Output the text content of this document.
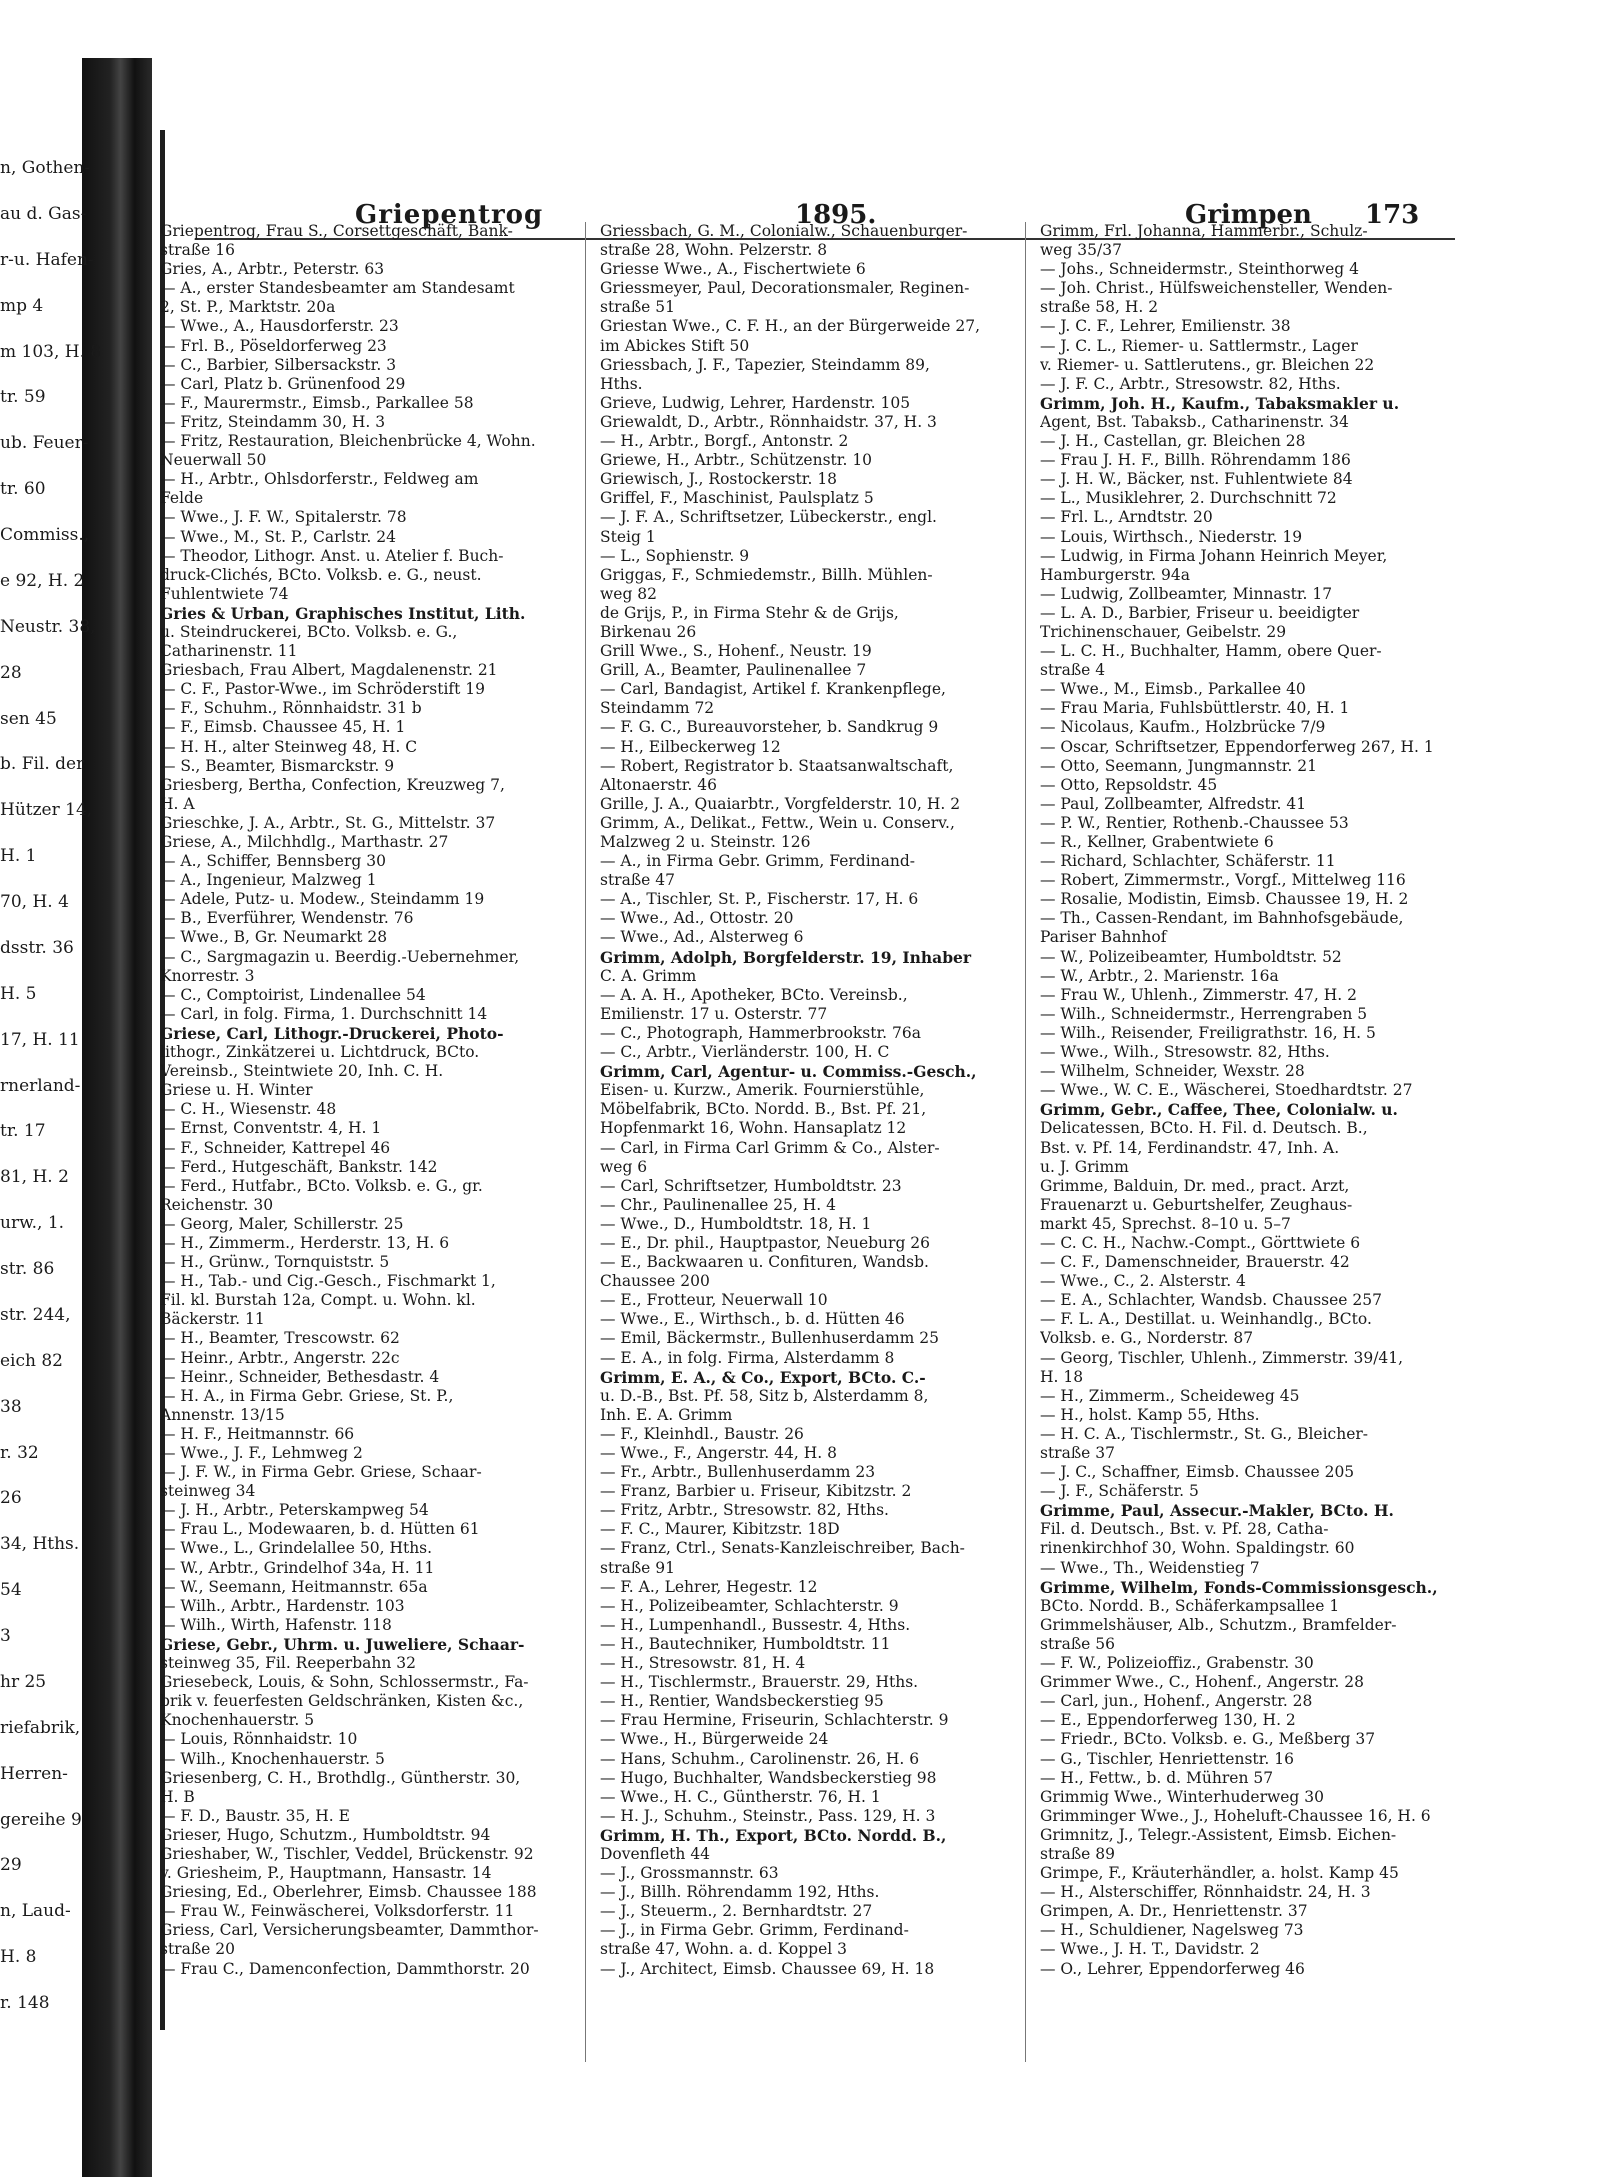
n, Gothen-
au d. Gas-
r-u. Hafen-
mp 4
m 103, H. 8
tr. 59
ub. Feuer-
tr. 60
Commiss.,
e 92, H. 2
Neustr. 38,
28
sen 45
b. Fil. der
Hützer 14,
H. 1
70, H. 4
dsstr. 36
H. 5
17, H. 11
rnerland-
tr. 17
81, H. 2
urw., 1.
str. 86
str. 244,
eich 82
38
r. 32
26
34, Hths.
54
3
hr 25
riefabrik,
Herren-
gereihe 9
29
n, Laud-
H. 8
r. 148
Griepentrog	1895.	Grimpen 173
Griepentrog, Frau S., Corsettgeschäft, Bank-
straße 16
Gries, A., Arbtr., Peterstr. 63
— A., erster Standesbeamter am Standesamt
2, St. P., Marktstr. 20a
— Wwe., A., Hausdorferstr. 23
— Frl. B., Pöseldorferweg 23
— C., Barbier, Silbersackstr. 3
— Carl, Platz b. Grünenfood 29
— F., Maurermstr., Eimsb., Parkallee 58
— Fritz, Steindamm 30, H. 3
— Fritz, Restauration, Bleichenbrücke 4, Wohn.
Neuerwall 50
— H., Arbtr., Ohlsdorferstr., Feldweg am
Felde
— Wwe., J. F. W., Spitalerstr. 78
— Wwe., M., St. P., Carlstr. 24
— Theodor, Lithogr. Anst. u. Atelier f. Buch-
druck-Clichés, BCto. Volksb. e. G., neust.
Fuhlentwiete 74
Gries & Urban, Graphisches Institut, Lith.
u. Steindruckerei, BCto. Volksb. e. G.,
Catharinenstr. 11
Griesbach, Frau Albert, Magdalenenstr. 21
— C. F., Pastor-Wwe., im Schröderstift 19
— F., Schuhm., Rönnhaidstr. 31 b
— F., Eimsb. Chaussee 45, H. 1
— H. H., alter Steinweg 48, H. C
— S., Beamter, Bismarckstr. 9
Griesberg, Bertha, Confection, Kreuzweg 7,
H. A
Grieschke, J. A., Arbtr., St. G., Mittelstr. 37
Griese, A., Milchhdlg., Marthastr. 27
— A., Schiffer, Bennsberg 30
— A., Ingenieur, Malzweg 1
— Adele, Putz- u. Modew., Steindamm 19
— B., Everführer, Wendenstr. 76
— Wwe., B, Gr. Neumarkt 28
— C., Sargmagazin u. Beerdig.-Uebernehmer,
Knorrestr. 3
— C., Comptoirist, Lindenallee 54
— Carl, in folg. Firma, 1. Durchschnitt 14
Griese, Carl, Lithogr.-Druckerei, Photo-
lithogr., Zinkätzerei u. Lichtdruck, BCto.
Vereinsb., Steintwiete 20, Inh. C. H.
Griese u. H. Winter
— C. H., Wiesenstr. 48
— Ernst, Conventstr. 4, H. 1
— F., Schneider, Kattrepel 46
— Ferd., Hutgeschäft, Bankstr. 142
— Ferd., Hutfabr., BCto. Volksb. e. G., gr.
Reichenstr. 30
— Georg, Maler, Schillerstr. 25
— H., Zimmerm., Herderstr. 13, H. 6
— H., Grünw., Tornquiststr. 5
— H., Tab.- und Cig.-Gesch., Fischmarkt 1,
Fil. kl. Burstah 12a, Compt. u. Wohn. kl.
Bäckerstr. 11
— H., Beamter, Trescowstr. 62
— Heinr., Arbtr., Angerstr. 22c
— Heinr., Schneider, Bethesdastr. 4
— H. A., in Firma Gebr. Griese, St. P.,
Annenstr. 13/15
— H. F., Heitmannstr. 66
— Wwe., J. F., Lehmweg 2
— J. F. W., in Firma Gebr. Griese, Schaar-
steinweg 34
— J. H., Arbtr., Peterskampweg 54
— Frau L., Modewaaren, b. d. Hütten 61
— Wwe., L., Grindelallee 50, Hths.
— W., Arbtr., Grindelhof 34a, H. 11
— W., Seemann, Heitmannstr. 65a
— Wilh., Arbtr., Hardenstr. 103
— Wilh., Wirth, Hafenstr. 118
Griese, Gebr., Uhrm. u. Juweliere, Schaar-
steinweg 35, Fil. Reeperbahn 32
Griesebeck, Louis, & Sohn, Schlossermstr., Fa-
brik v. feuerfesten Geldschränken, Kisten &c.,
Knochenhauerstr. 5
— Louis, Rönnhaidstr. 10
— Wilh., Knochenhauerstr. 5
Griesenberg, C. H., Brothdlg., Güntherstr. 30,
H. B
— F. D., Baustr. 35, H. E
Grieser, Hugo, Schutzm., Humboldtstr. 94
Grieshaber, W., Tischler, Veddel, Brückenstr. 92
v. Griesheim, P., Hauptmann, Hansastr. 14
Griesing, Ed., Oberlehrer, Eimsb. Chaussee 188
— Frau W., Feinwäscherei, Volksdorferstr. 11
Griess, Carl, Versicherungsbeamter, Dammthor-
straße 20
— Frau C., Damenconfection, Dammthorstr. 20
Griessbach, G. M., Colonialw., Schauenburger-
straße 28, Wohn. Pelzerstr. 8
Griesse Wwe., A., Fischertwiete 6
Griessmeyer, Paul, Decorationsmaler, Reginen-
straße 51
Griestan Wwe., C. F. H., an der Bürgerweide 27,
im Abickes Stift 50
Griessbach, J. F., Tapezier, Steindamm 89,
Hths.
Grieve, Ludwig, Lehrer, Hardenstr. 105
Griewaldt, D., Arbtr., Rönnhaidstr. 37, H. 3
— H., Arbtr., Borgf., Antonstr. 2
Griewe, H., Arbtr., Schützenstr. 10
Griewisch, J., Rostockerstr. 18
Griffel, F., Maschinist, Paulsplatz 5
— J. F. A., Schriftsetzer, Lübeckerstr., engl.
Steig 1
— L., Sophienstr. 9
Griggas, F., Schmiedemstr., Billh. Mühlen-
weg 82
de Grijs, P., in Firma Stehr & de Grijs,
Birkenau 26
Grill Wwe., S., Hohenf., Neustr. 19
Grill, A., Beamter, Paulinenallee 7
— Carl, Bandagist, Artikel f. Krankenpflege,
Steindamm 72
— F. G. C., Bureauvorsteher, b. Sandkrug 9
— H., Eilbeckerweg 12
— Robert, Registrator b. Staatsanwaltschaft,
Altonaerstr. 46
Grille, J. A., Quaiarbtr., Vorgfelderstr. 10, H. 2
Grimm, A., Delikat., Fettw., Wein u. Conserv.,
Malzweg 2 u. Steinstr. 126
— A., in Firma Gebr. Grimm, Ferdinand-
straße 47
— A., Tischler, St. P., Fischerstr. 17, H. 6
— Wwe., Ad., Ottostr. 20
— Wwe., Ad., Alsterweg 6
Grimm, Adolph, Borgfelderstr. 19, Inhaber
C. A. Grimm
— A. A. H., Apotheker, BCto. Vereinsb.,
Emilienstr. 17 u. Osterstr. 77
— C., Photograph, Hammerbrookstr. 76a
— C., Arbtr., Vierländerstr. 100, H. C
Grimm, Carl, Agentur- u. Commiss.-Gesch.,
Eisen- u. Kurzw., Amerik. Fournierstühle,
Möbelfabrik, BCto. Nordd. B., Bst. Pf. 21,
Hopfenmarkt 16, Wohn. Hansaplatz 12
— Carl, in Firma Carl Grimm & Co., Alster-
weg 6
— Carl, Schriftsetzer, Humboldtstr. 23
— Chr., Paulinenallee 25, H. 4
— Wwe., D., Humboldtstr. 18, H. 1
— E., Dr. phil., Hauptpastor, Neueburg 26
— E., Backwaaren u. Confituren, Wandsb.
Chaussee 200
— E., Frotteur, Neuerwall 10
— Wwe., E., Wirthsch., b. d. Hütten 46
— Emil, Bäckermstr., Bullenhuserdamm 25
— E. A., in folg. Firma, Alsterdamm 8
Grimm, E. A., & Co., Export, BCto. C.-
u. D.-B., Bst. Pf. 58, Sitz b, Alsterdamm 8,
Inh. E. A. Grimm
— F., Kleinhdl., Baustr. 26
— Wwe., F., Angerstr. 44, H. 8
— Fr., Arbtr., Bullenhuserdamm 23
— Franz, Barbier u. Friseur, Kibitzstr. 2
— Fritz, Arbtr., Stresowstr. 82, Hths.
— F. C., Maurer, Kibitzstr. 18D
— Franz, Ctrl., Senats-Kanzleischreiber, Bach-
straße 91
— F. A., Lehrer, Hegestr. 12
— H., Polizeibeamter, Schlachterstr. 9
— H., Lumpenhandl., Bussestr. 4, Hths.
— H., Bautechniker, Humboldtstr. 11
— H., Stresowstr. 81, H. 4
— H., Tischlermstr., Brauerstr. 29, Hths.
— H., Rentier, Wandsbeckerstieg 95
— Frau Hermine, Friseurin, Schlachterstr. 9
— Wwe., H., Bürgerweide 24
— Hans, Schuhm., Carolinenstr. 26, H. 6
— Hugo, Buchhalter, Wandsbeckerstieg 98
— Wwe., H. C., Güntherstr. 76, H. 1
— H. J., Schuhm., Steinstr., Pass. 129, H. 3
Grimm, H. Th., Export, BCto. Nordd. B.,
Dovenfleth 44
— J., Grossmannstr. 63
— J., Billh. Röhrendamm 192, Hths.
— J., Steuerm., 2. Bernhardtstr. 27
— J., in Firma Gebr. Grimm, Ferdinand-
straße 47, Wohn. a. d. Koppel 3
— J., Architect, Eimsb. Chaussee 69, H. 18
Grimm, Frl. Johanna, Hammerbr., Schulz-
weg 35/37
— Johs., Schneidermstr., Steinthorweg 4
— Joh. Christ., Hülfsweichensteller, Wenden-
straße 58, H. 2
— J. C. F., Lehrer, Emilienstr. 38
— J. C. L., Riemer- u. Sattlermstr., Lager
v. Riemer- u. Sattlerutens., gr. Bleichen 22
— J. F. C., Arbtr., Stresowstr. 82, Hths.
Grimm, Joh. H., Kaufm., Tabaksmakler u.
Agent, Bst. Tabaksb., Catharinenstr. 34
— J. H., Castellan, gr. Bleichen 28
— Frau J. H. F., Billh. Röhrendamm 186
— J. H. W., Bäcker, nst. Fuhlentwiete 84
— L., Musiklehrer, 2. Durchschnitt 72
— Frl. L., Arndtstr. 20
— Louis, Wirthsch., Niederstr. 19
— Ludwig, in Firma Johann Heinrich Meyer,
Hamburgerstr. 94a
— Ludwig, Zollbeamter, Minnastr. 17
— L. A. D., Barbier, Friseur u. beeidigter
Trichinenschauer, Geibelstr. 29
— L. C. H., Buchhalter, Hamm, obere Quer-
straße 4
— Wwe., M., Eimsb., Parkallee 40
— Frau Maria, Fuhlsbüttlerstr. 40, H. 1
— Nicolaus, Kaufm., Holzbrücke 7/9
— Oscar, Schriftsetzer, Eppendorferweg 267, H. 1
— Otto, Seemann, Jungmannstr. 21
— Otto, Repsoldstr. 45
— Paul, Zollbeamter, Alfredstr. 41
— P. W., Rentier, Rothenb.-Chaussee 53
— R., Kellner, Grabentwiete 6
— Richard, Schlachter, Schäferstr. 11
— Robert, Zimmermstr., Vorgf., Mittelweg 116
— Rosalie, Modistin, Eimsb. Chaussee 19, H. 2
— Th., Cassen-Rendant, im Bahnhofsgebäude,
Pariser Bahnhof
— W., Polizeibeamter, Humboldtstr. 52
— W., Arbtr., 2. Marienstr. 16a
— Frau W., Uhlenh., Zimmerstr. 47, H. 2
— Wilh., Schneidermstr., Herrengraben 5
— Wilh., Reisender, Freiligrathstr. 16, H. 5
— Wwe., Wilh., Stresowstr. 82, Hths.
— Wilhelm, Schneider, Wexstr. 28
— Wwe., W. C. E., Wäscherei, Stoedhardtstr. 27
Grimm, Gebr., Caffee, Thee, Colonialw. u.
Delicatessen, BCto. H. Fil. d. Deutsch. B.,
Bst. v. Pf. 14, Ferdinandstr. 47, Inh. A.
u. J. Grimm
Grimme, Balduin, Dr. med., pract. Arzt,
Frauenarzt u. Geburtshelfer, Zeughaus-
markt 45, Sprechst. 8–10 u. 5–7
— C. C. H., Nachw.-Compt., Görttwiete 6
— C. F., Damenschneider, Brauerstr. 42
— Wwe., C., 2. Alsterstr. 4
— E. A., Schlachter, Wandsb. Chaussee 257
— F. L. A., Destillat. u. Weinhandlg., BCto.
Volksb. e. G., Norderstr. 87
— Georg, Tischler, Uhlenh., Zimmerstr. 39/41,
H. 18
— H., Zimmerm., Scheideweg 45
— H., holst. Kamp 55, Hths.
— H. C. A., Tischlermstr., St. G., Bleicher-
straße 37
— J. C., Schaffner, Eimsb. Chaussee 205
— J. F., Schäferstr. 5
Grimme, Paul, Assecur.-Makler, BCto. H.
Fil. d. Deutsch., Bst. v. Pf. 28, Catha-
rinenkirchhof 30, Wohn. Spaldingstr. 60
— Wwe., Th., Weidenstieg 7
Grimme, Wilhelm, Fonds-Commissionsgesch.,
BCto. Nordd. B., Schäferkampsallee 1
Grimmelshäuser, Alb., Schutzm., Bramfelder-
straße 56
— F. W., Polizeioffiz., Grabenstr. 30
Grimmer Wwe., C., Hohenf., Angerstr. 28
— Carl, jun., Hohenf., Angerstr. 28
— E., Eppendorferweg 130, H. 2
— Friedr., BCto. Volksb. e. G., Meßberg 37
— G., Tischler, Henriettenstr. 16
— H., Fettw., b. d. Mühren 57
Grimmig Wwe., Winterhuderweg 30
Grimminger Wwe., J., Hoheluft-Chaussee 16, H. 6
Grimnitz, J., Telegr.-Assistent, Eimsb. Eichen-
straße 89
Grimpe, F., Kräuterhändler, a. holst. Kamp 45
— H., Alsterschiffer, Rönnhaidstr. 24, H. 3
Grimpen, A. Dr., Henriettenstr. 37
— H., Schuldiener, Nagelsweg 73
— Wwe., J. H. T., Davidstr. 2
— O., Lehrer, Eppendorferweg 46
